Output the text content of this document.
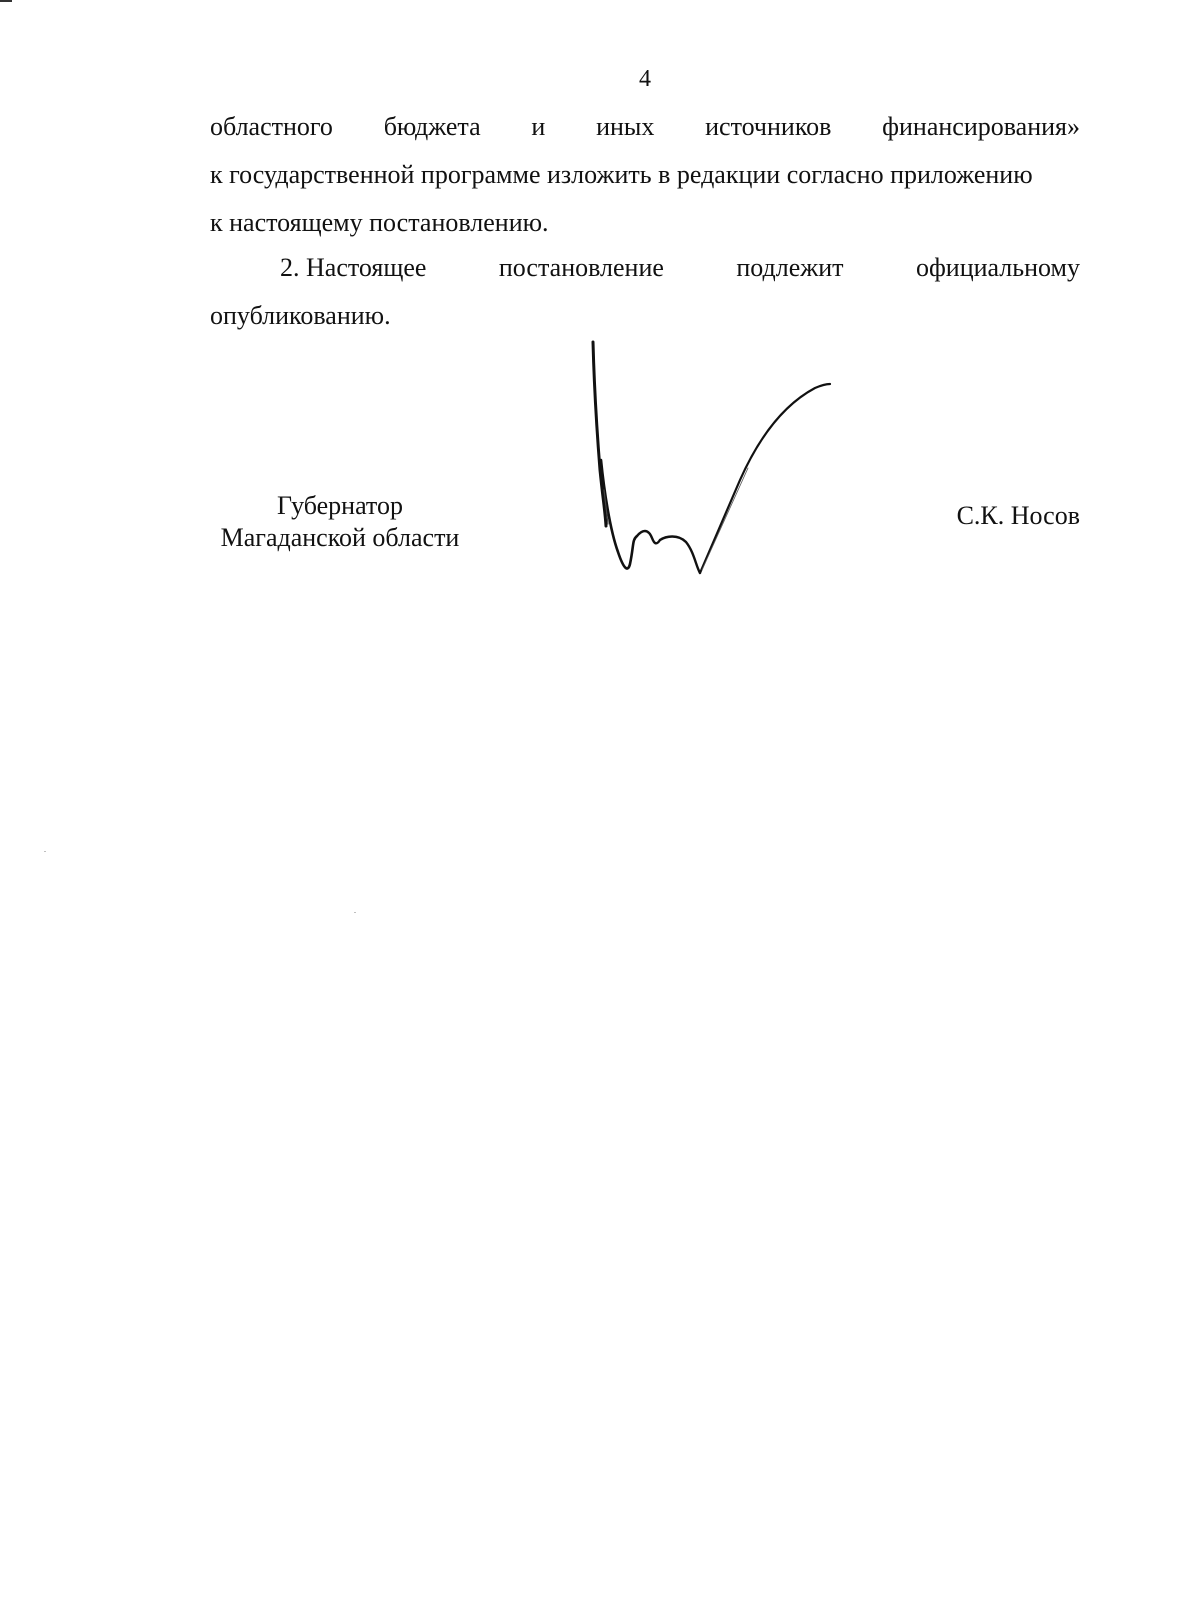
4
областного бюджета и иных источников финансирования»
к государственной программе изложить в редакции согласно приложению
к настоящему постановлению.
2. Настоящее	постановление	подлежит	официальному
опубликованию.
Губернатор
Магаданской области
С.К. Носов
